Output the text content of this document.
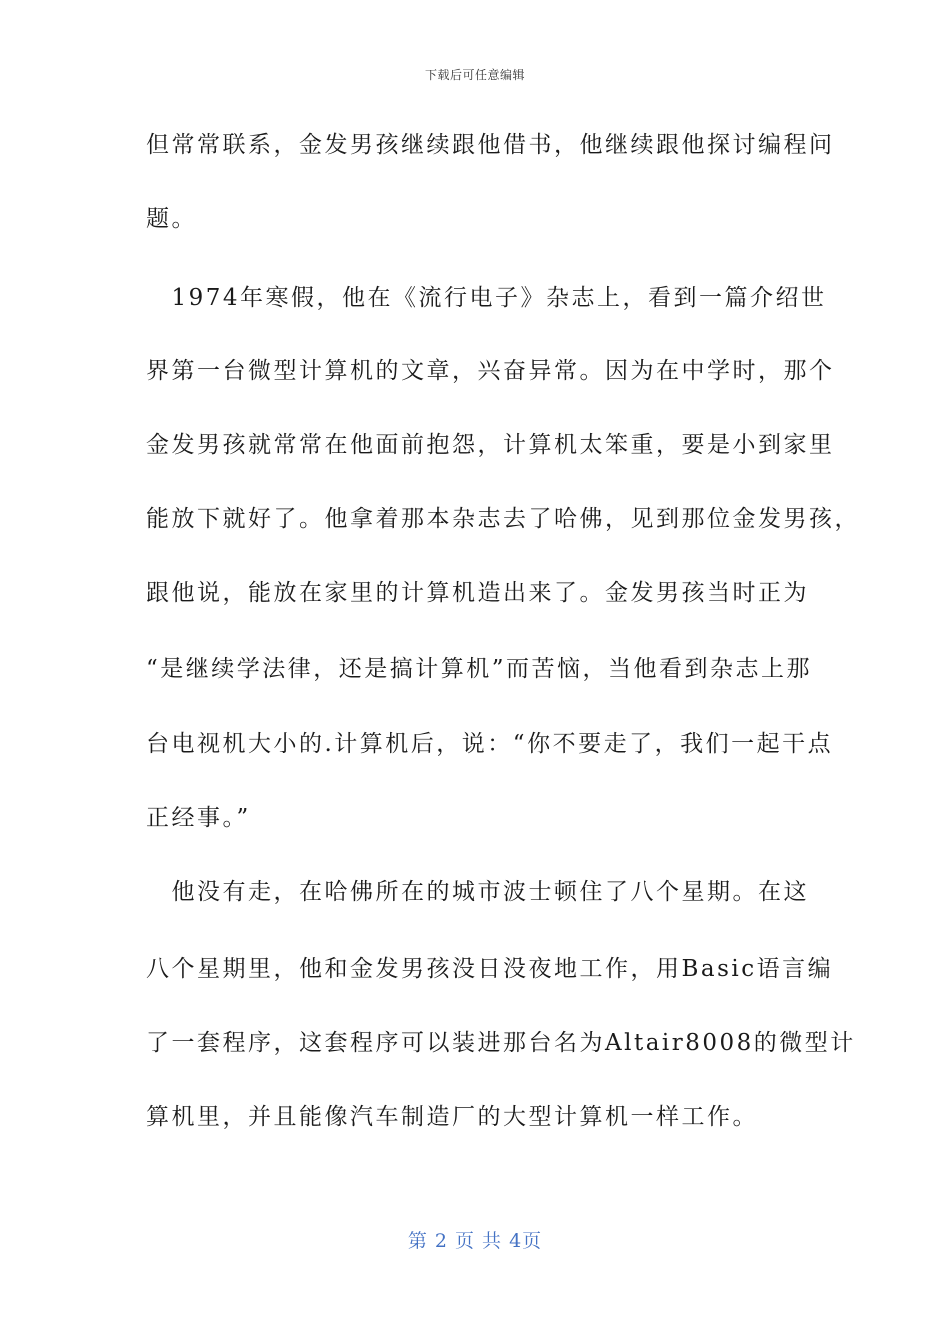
下载后可任意编辑
但常常联系，金发男孩继续跟他借书，他继续跟他探讨编程问
题。
　1974年寒假，他在《流行电子》杂志上，看到一篇介绍世
界第一台微型计算机的文章，兴奋异常。因为在中学时，那个
金发男孩就常常在他面前抱怨，计算机太笨重，要是小到家里
能放下就好了。他拿着那本杂志去了哈佛，见到那位金发男孩，
跟他说，能放在家里的计算机造出来了。金发男孩当时正为
“是继续学法律，还是搞计算机”而苦恼，当他看到杂志上那
台电视机大小的.计算机后，说：“你不要走了，我们一起干点
正经事。”
　他没有走，在哈佛所在的城市波士顿住了八个星期。在这
八个星期里，他和金发男孩没日没夜地工作，用Basic语言编
了一套程序，这套程序可以装进那台名为Altair8008的微型计
算机里，并且能像汽车制造厂的大型计算机一样工作。
第 2 页 共 4页
